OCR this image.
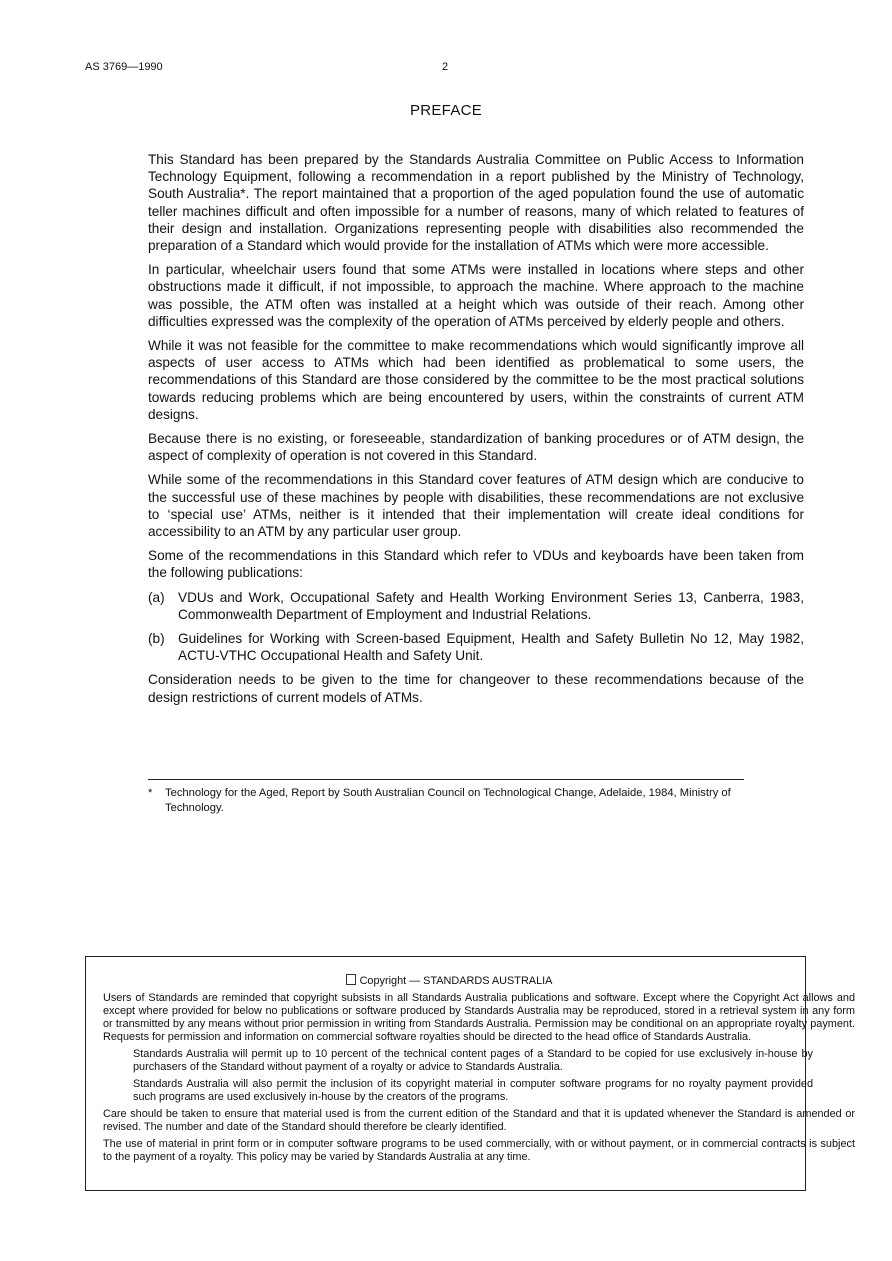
AS 3769—1990	2
PREFACE

This Standard has been prepared by the Standards Australia Committee on Public Access to Information Technology Equipment, following a recommendation in a report published by the Ministry of Technology, South Australia*. The report maintained that a proportion of the aged population found the use of automatic teller machines difficult and often impossible for a number of reasons, many of which related to features of their design and installation. Organizations representing people with disabilities also recommended the preparation of a Standard which would provide for the installation of ATMs which were more accessible.

In particular, wheelchair users found that some ATMs were installed in locations where steps and other obstructions made it difficult, if not impossible, to approach the machine. Where approach to the machine was possible, the ATM often was installed at a height which was outside of their reach. Among other difficulties expressed was the complexity of the operation of ATMs perceived by elderly people and others.

While it was not feasible for the committee to make recommendations which would significantly improve all aspects of user access to ATMs which had been identified as problematical to some users, the recommendations of this Standard are those considered by the committee to be the most practical solutions towards reducing problems which are being encountered by users, within the constraints of current ATM designs.

Because there is no existing, or foreseeable, standardization of banking procedures or of ATM design, the aspect of complexity of operation is not covered in this Standard.

While some of the recommendations in this Standard cover features of ATM design which are conducive to the successful use of these machines by people with disabilities, these recommendations are not exclusive to ‘special use’ ATMs, neither is it intended that their implementation will create ideal conditions for accessibility to an ATM by any particular user group.

Some of the recommendations in this Standard which refer to VDUs and keyboards have been taken from the following publications:

(a) VDUs and Work, Occupational Safety and Health Working Environment Series 13, Canberra, 1983, Commonwealth Department of Employment and Industrial Relations.
(b) Guidelines for Working with Screen-based Equipment, Health and Safety Bulletin No 12, May 1982, ACTU-VTHC Occupational Health and Safety Unit.

Consideration needs to be given to the time for changeover to these recommendations because of the design restrictions of current models of ATMs.

*	Technology for the Aged, Report by South Australian Council on Technological Change, Adelaide, 1984, Ministry of Technology.
Copyright — STANDARDS AUSTRALIA

Users of Standards are reminded that copyright subsists in all Standards Australia publications and software. Except where the Copyright Act allows and except where provided for below no publications or software produced by Standards Australia may be reproduced, stored in a retrieval system in any form or transmitted by any means without prior permission in writing from Standards Australia. Permission may be conditional on an appropriate royalty payment. Requests for permission and information on commercial software royalties should be directed to the head office of Standards Australia.

Standards Australia will permit up to 10 percent of the technical content pages of a Standard to be copied for use exclusively in-house by purchasers of the Standard without payment of a royalty or advice to Standards Australia.

Standards Australia will also permit the inclusion of its copyright material in computer software programs for no royalty payment provided such programs are used exclusively in-house by the creators of the programs.

Care should be taken to ensure that material used is from the current edition of the Standard and that it is updated whenever the Standard is amended or revised. The number and date of the Standard should therefore be clearly identified.

The use of material in print form or in computer software programs to be used commercially, with or without payment, or in commercial contracts is subject to the payment of a royalty. This policy may be varied by Standards Australia at any time.
